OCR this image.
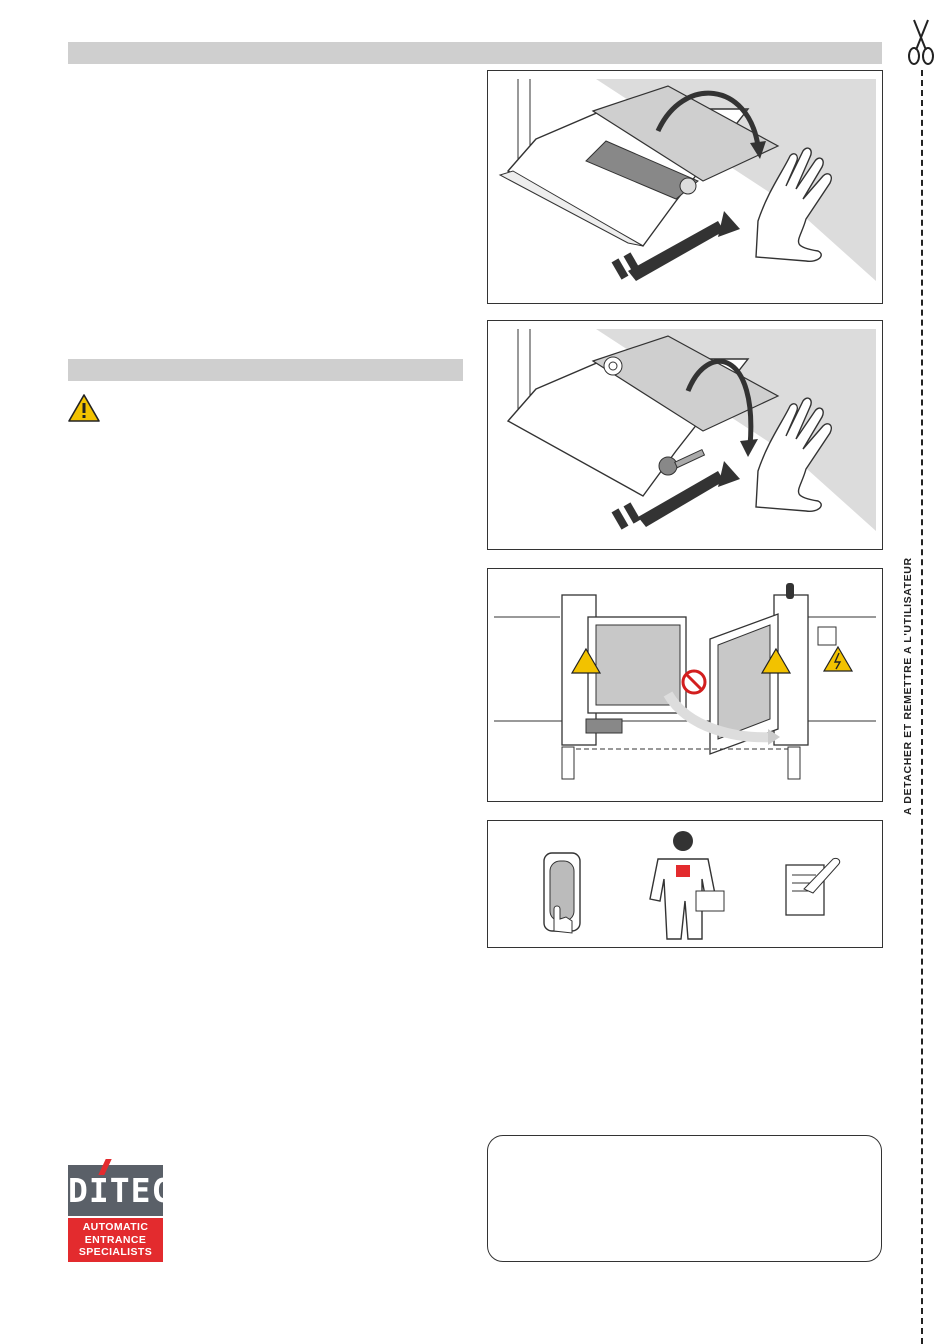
DITEC
AUTOMATIC
ENTRANCE
SPECIALISTS
A DETACHER ET REMETTRE A L'UTILISATEUR
